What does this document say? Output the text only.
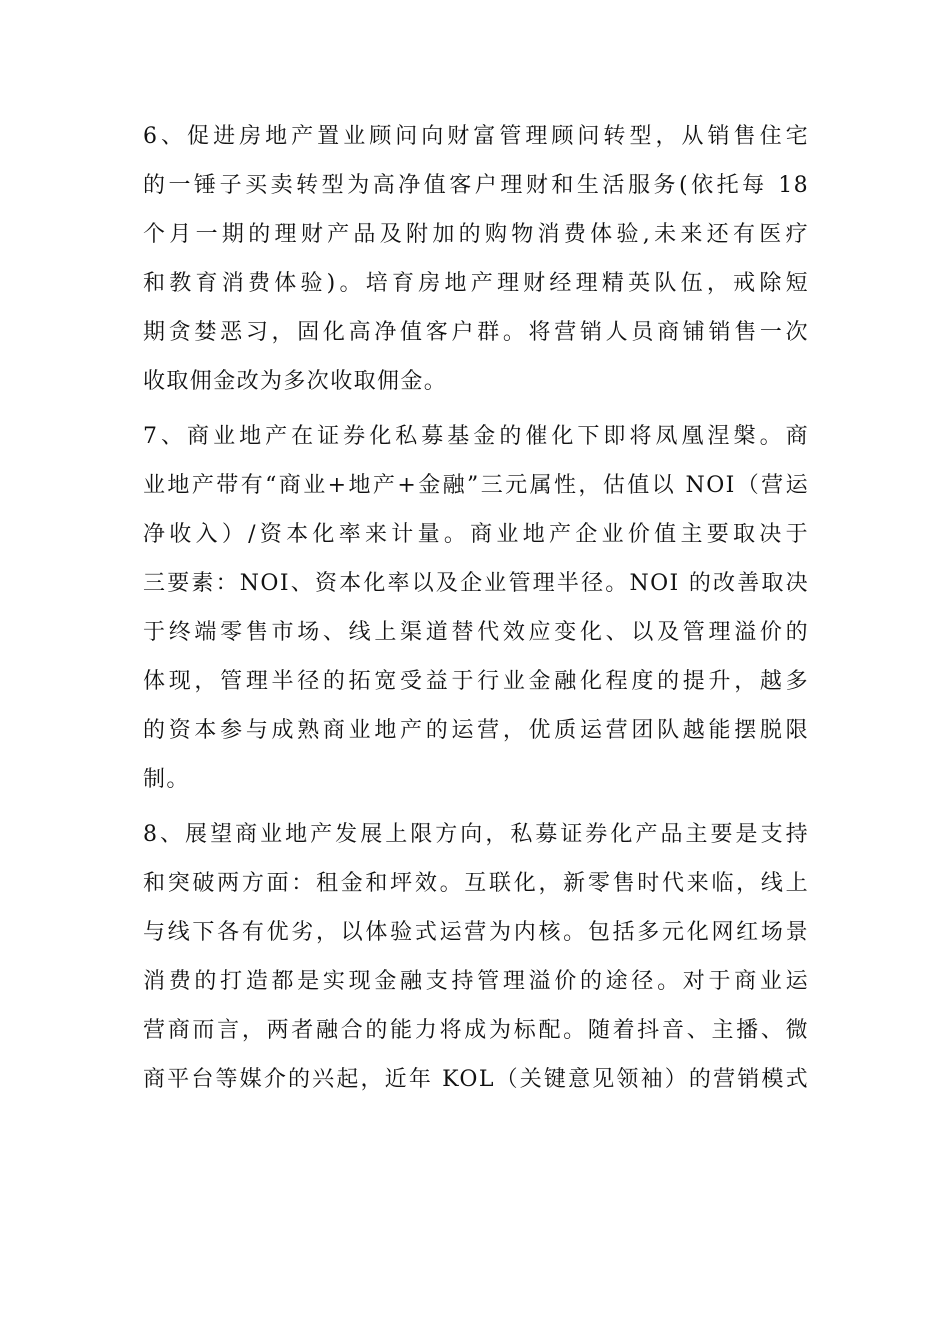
6、促进房地产置业顾问向财富管理顾问转型，从销售住宅
的一锤子买卖转型为高净值客户理财和生活服务(依托每 18
个月一期的理财产品及附加的购物消费体验,未来还有医疗
和教育消费体验)。培育房地产理财经理精英队伍，戒除短
期贪婪恶习，固化高净值客户群。将营销人员商铺销售一次
收取佣金改为多次收取佣金。

7、商业地产在证券化私募基金的催化下即将凤凰涅槃。商
业地产带有“商业+地产+金融”三元属性，估值以 NOI（营运
净收入）/资本化率来计量。商业地产企业价值主要取决于
三要素：NOI、资本化率以及企业管理半径。NOI 的改善取决
于终端零售市场、线上渠道替代效应变化、以及管理溢价的
体现，管理半径的拓宽受益于行业金融化程度的提升，越多
的资本参与成熟商业地产的运营，优质运营团队越能摆脱限
制。

8、展望商业地产发展上限方向，私募证券化产品主要是支持
和突破两方面：租金和坪效。互联化，新零售时代来临，线上
与线下各有优劣，以体验式运营为内核。包括多元化网红场景
消费的打造都是实现金融支持管理溢价的途径。对于商业运
营商而言，两者融合的能力将成为标配。随着抖音、主播、微
商平台等媒介的兴起，近年 KOL（关键意见领袖）的营销模式
